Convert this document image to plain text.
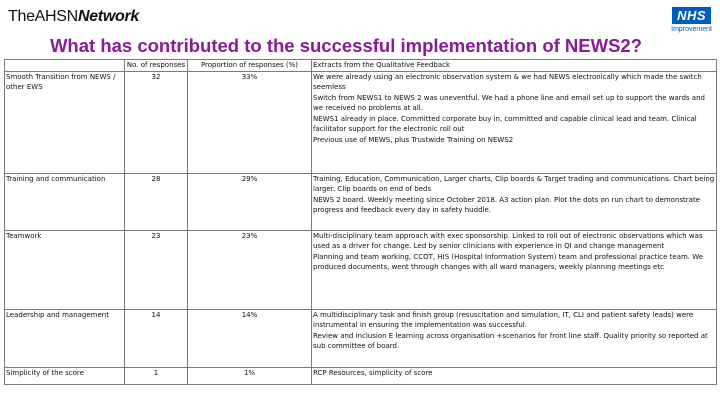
TheAHSNNetwork	NHS
Improvement
What has contributed to the successful implementation of NEWS2?
	No. of responses	Proportion of responses (%)	Extracts from the Qualitative Feedback
Smooth Transition from NEWS / other EWS	32	33%	We were already using an electronic observation system & we had NEWS electronically which made the switch seemless
Switch from NEWS1 to NEWS 2 was uneventful. We had a phone line and email set up to support the wards and we received no problems at all.
NEWS1 already in place. Committed corporate buy in, committed and capable clinical lead and team. Clinical facilitator support for the electronic roll out
Previous use of MEWS, plus Trustwide Training on NEWS2

Training and communication	28	29%	Training, Education, Communication, Larger charts, Clip boards & Target trading and communications. Chart being larger. Clip boards on end of beds
NEWS 2 board. Weekly meeting since October 2018. A3 action plan. Plot the dots on run chart to demonstrate progress and feedback every day in safety huddle.

Teamwork	23	23%	Multi-disciplinary team approach with exec sponsorship. Linked to roll out of electronic observations which was used as a driver for change. Led by senior clinicians with experience in QI and change management
Planning and team working, CCOT, HIS (Hospital Information System) team and professional practice team. We produced documents, went through changes with all ward managers, weekly planning meetings etc

Leadership and management	14	14%	A multidisciplinary task and finish group (resuscitation and simulation, IT, CLI and patient safety leads) were instrumental in ensuring the implementation was successful.
Review and inclusion E learning across organisation +scenarios for front line staff. Quality priority so reported at sub committee of board.

Simplicity of the score	1	1%	RCP Resources, simplicity of score
